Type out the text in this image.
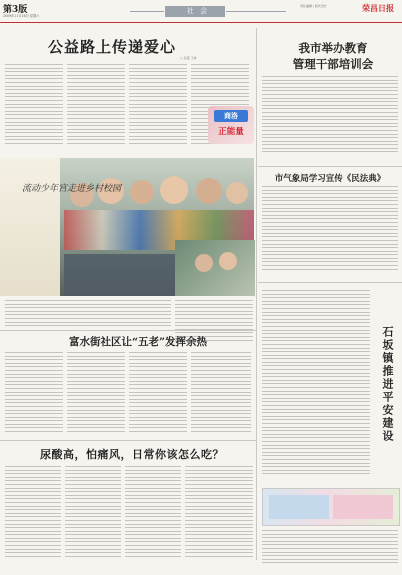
第3版
2009年11月28日 星期六
社 会
责任编辑 | 版式设计	荣昌日报
公益路上传递爱心
□ 张震 王林
商洛
正能量
我市举办教育
管理干部培训会
流动少年宫走进乡村校园
市气象局学习宣传《民法典》
石坂镇推进平安建设
富水街社区让“五老”发挥余热
尿酸高，怕痛风，日常你该怎么吃？
